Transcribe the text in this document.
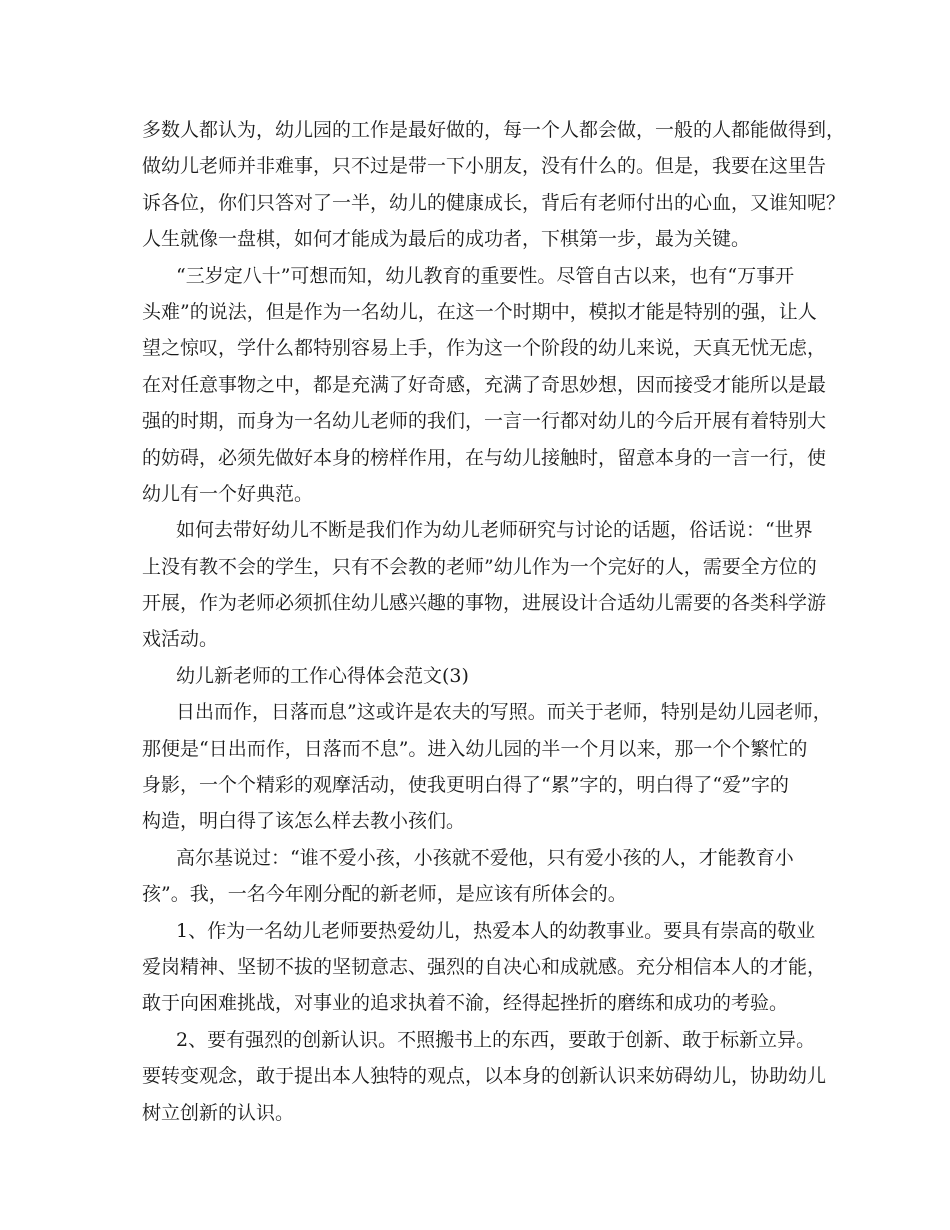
多数人都认为，幼儿园的工作是最好做的，每一个人都会做，一般的人都能做得到，
做幼儿老师并非难事，只不过是带一下小朋友，没有什么的。但是，我要在这里告
诉各位，你们只答对了一半，幼儿的健康成长，背后有老师付出的心血，又谁知呢？
人生就像一盘棋，如何才能成为最后的成功者，下棋第一步，最为关键。
“三岁定八十”可想而知，幼儿教育的重要性。尽管自古以来，也有“万事开
头难”的说法，但是作为一名幼儿，在这一个时期中，模拟才能是特别的强，让人
望之惊叹，学什么都特别容易上手，作为这一个阶段的幼儿来说，天真无忧无虑，
在对任意事物之中，都是充满了好奇感，充满了奇思妙想，因而接受才能所以是最
强的时期，而身为一名幼儿老师的我们，一言一行都对幼儿的今后开展有着特别大
的妨碍，必须先做好本身的榜样作用，在与幼儿接触时，留意本身的一言一行，使
幼儿有一个好典范。
如何去带好幼儿不断是我们作为幼儿老师研究与讨论的话题，俗话说：“世界
上没有教不会的学生，只有不会教的老师”幼儿作为一个完好的人，需要全方位的
开展，作为老师必须抓住幼儿感兴趣的事物，进展设计合适幼儿需要的各类科学游
戏活动。
幼儿新老师的工作心得体会范文(3)
日出而作，日落而息”这或许是农夫的写照。而关于老师，特别是幼儿园老师，
那便是“日出而作，日落而不息”。进入幼儿园的半一个月以来，那一个个繁忙的
身影，一个个精彩的观摩活动，使我更明白得了“累”字的，明白得了“爱”字的
构造，明白得了该怎么样去教小孩们。
高尔基说过：“谁不爱小孩，小孩就不爱他，只有爱小孩的人，才能教育小
孩”。我，一名今年刚分配的新老师，是应该有所体会的。
1、作为一名幼儿老师要热爱幼儿，热爱本人的幼教事业。要具有崇高的敬业
爱岗精神、坚韧不拔的坚韧意志、强烈的自决心和成就感。充分相信本人的才能，
敢于向困难挑战，对事业的追求执着不渝，经得起挫折的磨练和成功的考验。
2、要有强烈的创新认识。不照搬书上的东西，要敢于创新、敢于标新立异。
要转变观念，敢于提出本人独特的观点，以本身的创新认识来妨碍幼儿，协助幼儿
树立创新的认识。
